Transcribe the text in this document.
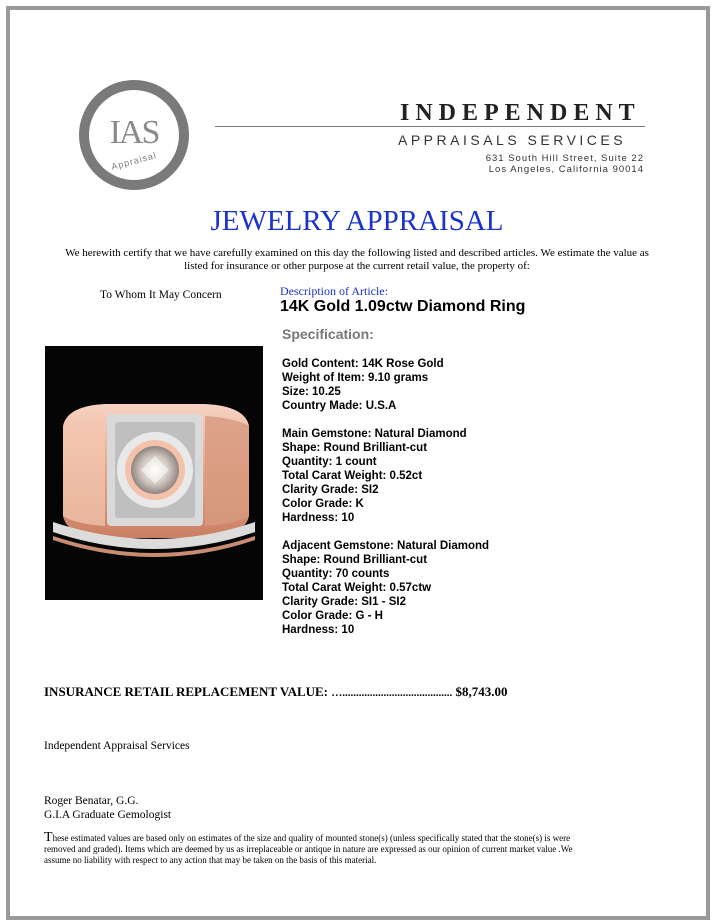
IAS
Appraisal
INDEPENDENT
APPRAISALS SERVICES
631 South Hill Street, Suite 22
Los Angeles, California 90014
JEWELRY APPRAISAL
We herewith certify that we have carefully examined on this day the following listed and described articles. We estimate the value as listed for insurance or other purpose at the current retail value, the property of:
To Whom It May Concern	Description of Article:
14K Gold 1.09ctw Diamond Ring
Specification:
Gold Content: 14K Rose Gold
Weight of Item: 9.10 grams
Size: 10.25
Country Made: U.S.A
Main Gemstone: Natural Diamond
Shape: Round Brilliant-cut
Quantity: 1 count
Total Carat Weight: 0.52ct
Clarity Grade: SI2
Color Grade: K
Hardness: 10
Adjacent Gemstone: Natural Diamond
Shape: Round Brilliant-cut
Quantity: 70 counts
Total Carat Weight: 0.57ctw
Clarity Grade: SI1 - SI2
Color Grade: G - H
Hardness: 10
INSURANCE RETAIL REPLACEMENT VALUE: …........................................ $8,743.00
Independent Appraisal Services
Roger Benatar, G.G.
G.I.A Graduate Gemologist
These estimated values are based only on estimates of the size and quality of mounted stone(s) (unless specifically stated that the stone(s) is were removed and graded). Items which are deemed by us as irreplaceable or antique in nature are expressed as our opinion of current market value .We assume no liability with respect to any action that may be taken on the basis of this material.
